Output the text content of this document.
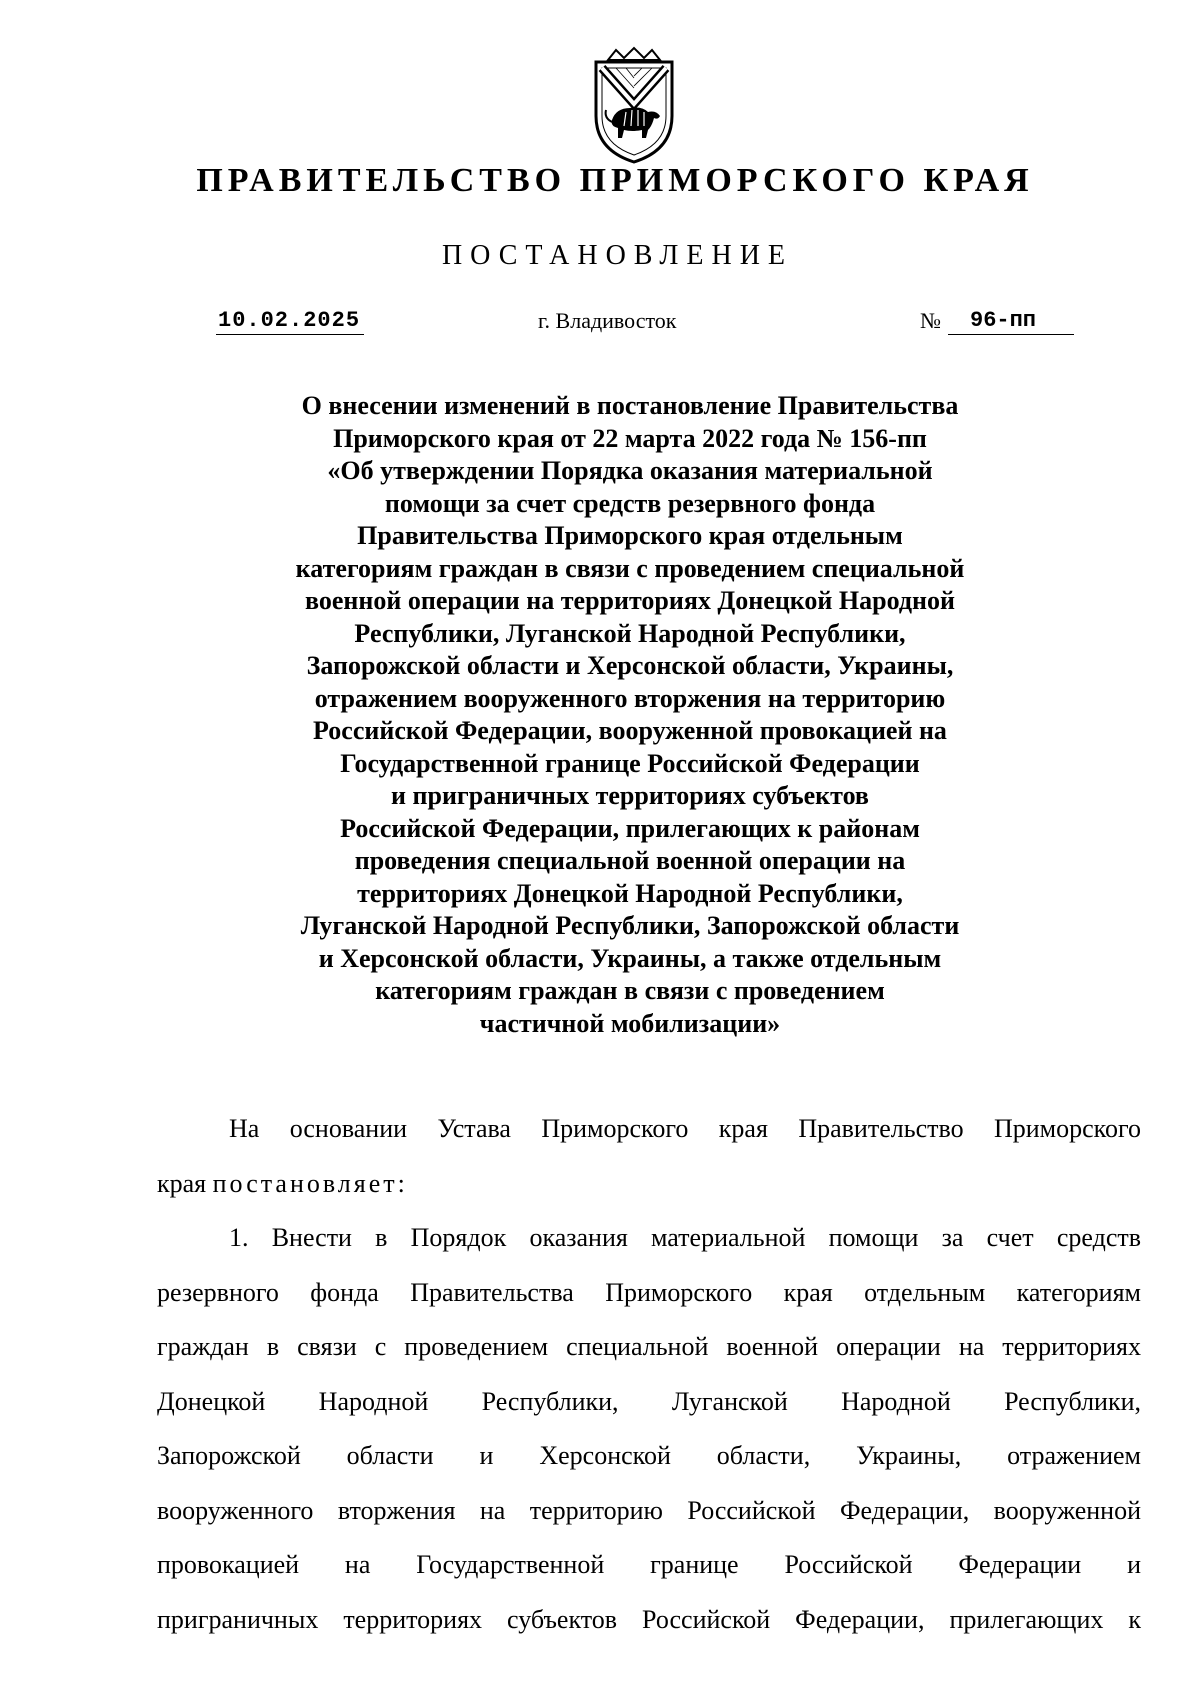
ПРАВИТЕЛЬСТВО ПРИМОРСКОГО КРАЯ
ПОСТАНОВЛЕНИЕ
10.02.2025	г. Владивосток	№	96-пп
О внесении изменений в постановление Правительства
Приморского края от 22 марта 2022 года № 156-пп
«Об утверждении Порядка оказания материальной
помощи за счет средств резервного фонда
Правительства Приморского края отдельным
категориям граждан в связи с проведением специальной
военной операции на территориях Донецкой Народной
Республики, Луганской Народной Республики,
Запорожской области и Херсонской области, Украины,
отражением вооруженного вторжения на территорию
Российской Федерации, вооруженной провокацией на
Государственной границе Российской Федерации
и приграничных территориях субъектов
Российской Федерации, прилегающих к районам
проведения специальной военной операции на
территориях Донецкой Народной Республики,
Луганской Народной Республики, Запорожской области
и Херсонской области, Украины, а также отдельным
категориям граждан в связи с проведением
частичной мобилизации»
На основании Устава Приморского края Правительство Приморского
края постановляет:
1. Внести в Порядок оказания материальной помощи за счет средств
резервного фонда Правительства Приморского края отдельным категориям
граждан в связи с проведением специальной военной операции на территориях
Донецкой Народной Республики, Луганской Народной Республики,
Запорожской области и Херсонской области, Украины, отражением
вооруженного вторжения на территорию Российской Федерации, вооруженной
провокацией на Государственной границе Российской Федерации и
приграничных территориях субъектов Российской Федерации, прилегающих к
